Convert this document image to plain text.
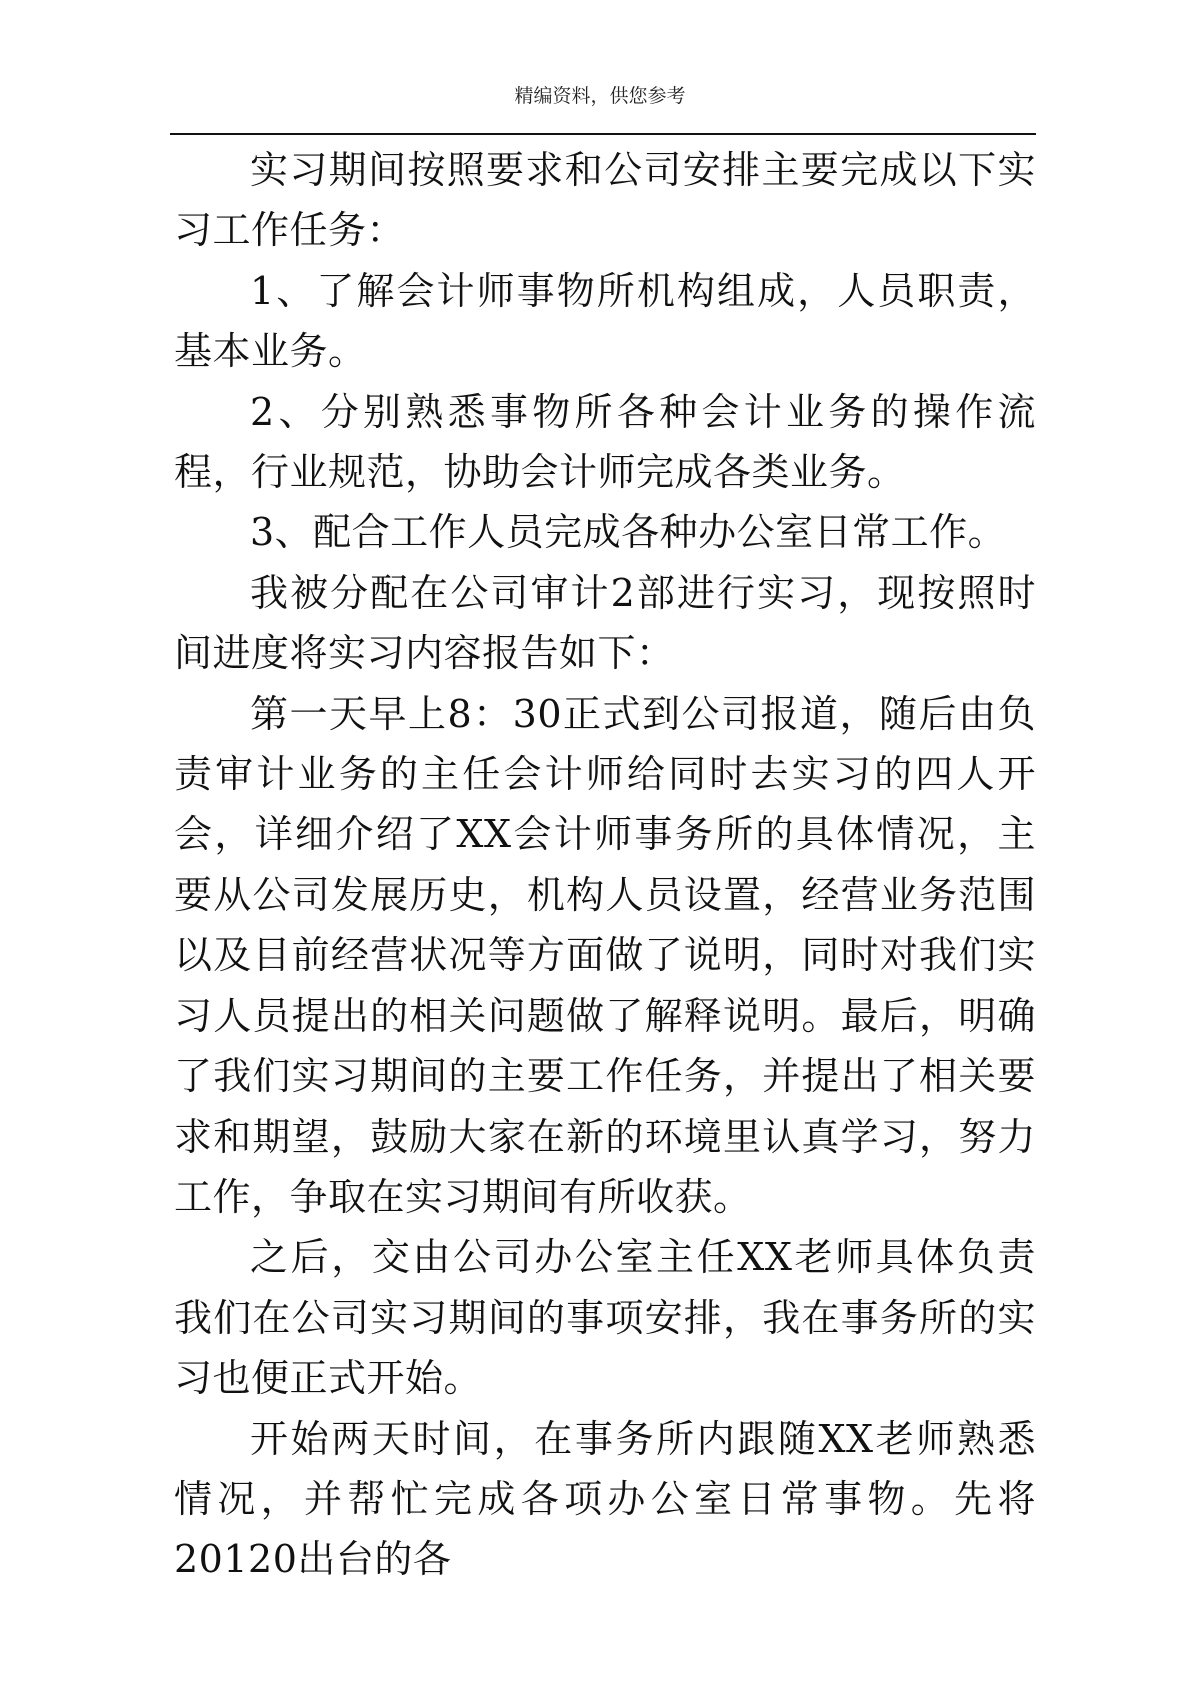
精编资料，供您参考

实习期间按照要求和公司安排主要完成以下实习工作任务：

1、了解会计师事物所机构组成，人员职责，基本业务。

2、分别熟悉事物所各种会计业务的操作流程，行业规范，协助会计师完成各类业务。

3、配合工作人员完成各种办公室日常工作。

我被分配在公司审计2部进行实习，现按照时间进度将实习内容报告如下：

第一天早上8：30正式到公司报道，随后由负责审计业务的主任会计师给同时去实习的四人开会，详细介绍了XX会计师事务所的具体情况，主要从公司发展历史，机构人员设置，经营业务范围以及目前经营状况等方面做了说明，同时对我们实习人员提出的相关问题做了解释说明。最后，明确了我们实习期间的主要工作任务，并提出了相关要求和期望，鼓励大家在新的环境里认真学习，努力工作，争取在实习期间有所收获。

之后，交由公司办公室主任XX老师具体负责我们在公司实习期间的事项安排，我在事务所的实习也便正式开始。

开始两天时间，在事务所内跟随XX老师熟悉情况，并帮忙完成各项办公室日常事物。先将20120出台的各
